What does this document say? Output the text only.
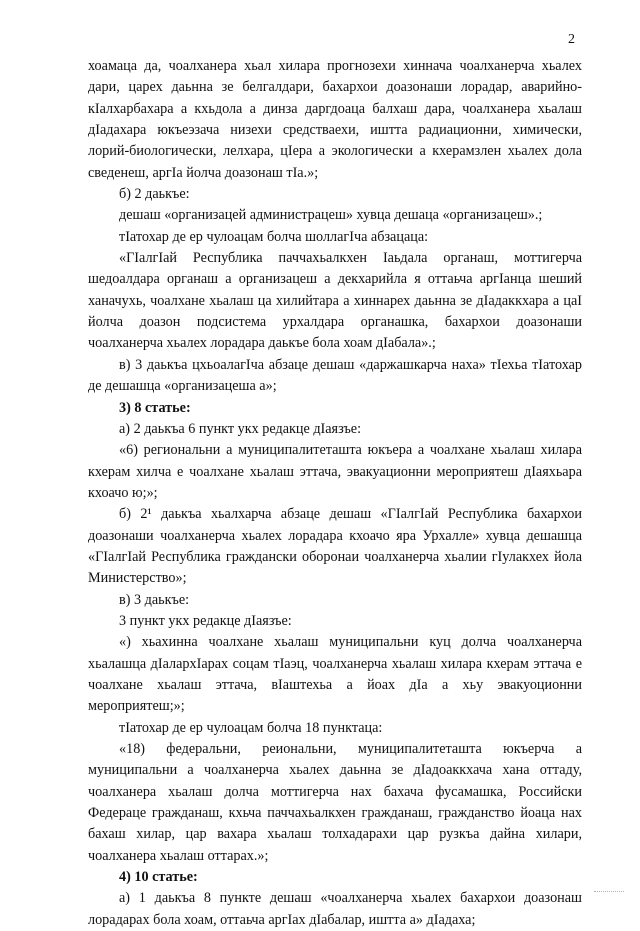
2

хоамаца да, чоалханера хьал хилара прогнозехи хиннача чоалханерча хьалех дари, царех дaьнна зе белгалдари, бахархои доазонаши лорадар, аварийно-кIалхарбахара а кхьдола а динза даргдоаца балхаш дара, чоалханера хьалаш дIадахара юкъеэзача низехи средстваехи, иштта радиационни, химически, лорий-биологически, лелхара, цIера а экологически а кхерамзлен хьалех дола сведенеш, аргIа йолча доазонаш тIа.»;

б) 2 даькъе:

дешаш «организацей администрацеш» хувца дешаца «организацеш».;

тIатохар де ер чулоацам болча шоллагIча абзацаца:

«ГIалгIай Республика паччахьалкхен Iаьдала органаш, моттигерча шедоалдара органаш а организацеш а декхарийла я оттаьча аргIанца шеший ханачухь, чоалхане хьалаш ца хилийтара а хиннарех дaьнна зе дIадаккхара а цаI йолча доазон подсистема урхалдара органашка, бахархои доазонаши чоалханерча хьалех лорадара даькъе бола хоам дIабала».;

в) 3 даькъа цхьоалагIча абзаце дешаш «даржашкарча наха» тIехьа тIатохар де дешашца «организацеша а»;

3) 8 статье:

а) 2 даькъа 6 пункт укх редакце дIаязъе:

«6) региональни а муниципалитеташтa юкъера а чоалхане хьалаш хилара кхерам хилча е чоалхане хьалаш эттача, эвакуационни мероприятеш дIаяхьара кхоачо ю;»;

б) 2¹ даькъа хьалхарча абзаце дешаш «ГIалгIай Республика бахархои доазонаши чоалханерча хьалех лорадара кхоачо яра Урхалле» хувца дешашца «ГIалгIай Республика граждански оборонаи чоалханерча хьалии гIулакхех йола Министерство»;

в) 3 даькъе:

3 пункт укх редакце дIаязъе:

«) хьахинна чоалхане хьалаш муниципальни куц долча чоалханерча хьалашца дIалархIарах соцам тIаэц, чоалханерча хьалаш хилара кхерам эттача е чоалхане хьалаш эттача, вIаштехьа а йоах дIа а хьу эвакуоционни мероприятеш;»;

тIатохар де ер чулоацам болча 18 пунктаца:

«18) федеральни, реиональни, муниципалитеташта юкъерча а муниципальни а чоалханерча хьалех дaьнна зе дIадоаккхача хана оттаду, чоалханера хьалаш долча моттигерча нах бахача фусамашка, Российски Федераце гражданаш, кхьча паччахьалкхен гражданаш, гражданство йоаца нах бахаш хилар, цар вахара хьалаш толхадарахи цар рузкъа дайна хилари, чоалханера хьалаш оттарах.»;

4) 10 статье:

а) 1 даькъа 8 пункте дешаш «чоалханерча хьалех бахархои доазонаш лорадарах бола хоам, оттаьча аргIах дIабалар, иштта а» дIадаха;
